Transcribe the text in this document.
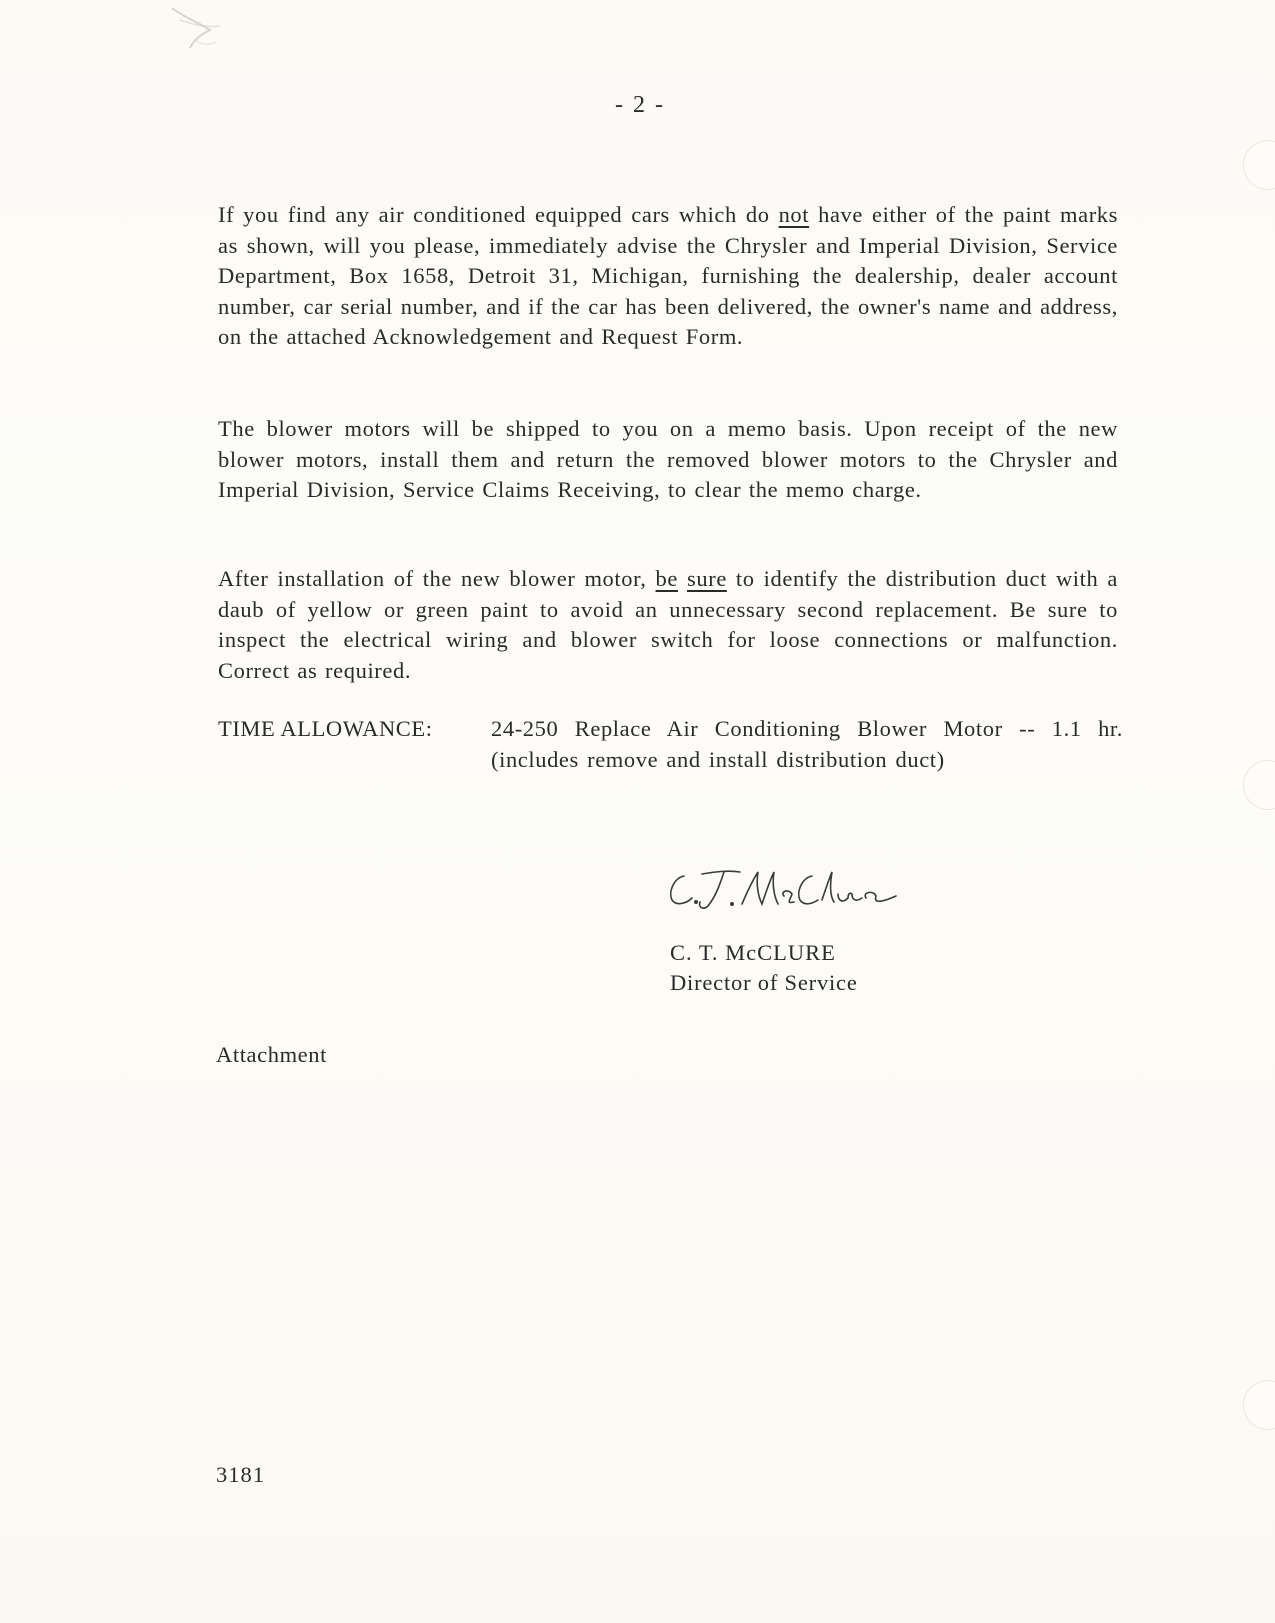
- 2 -
If you find any air conditioned equipped cars which do not have either of the paint marks as shown, will you please, immediately advise the Chrysler and Imperial Division, Service Department, Box 1658, Detroit 31, Michigan, furnishing the dealership, dealer account number, car serial number, and if the car has been delivered, the owner's name and address, on the attached Acknowledgement and Request Form.
The blower motors will be shipped to you on a memo basis. Upon receipt of the new blower motors, install them and return the removed blower motors to the Chrysler and Imperial Division, Service Claims Receiving, to clear the memo charge.
After installation of the new blower motor, be sure to identify the distribution duct with a daub of yellow or green paint to avoid an unnecessary second replacement. Be sure to inspect the electrical wiring and blower switch for loose connections or malfunction. Correct as required.
TIME ALLOWANCE:	24-250 Replace Air Conditioning Blower Motor -- 1.1 hr. (includes remove and install distribution duct)
C. T. McCLURE
Director of Service
Attachment
3181
